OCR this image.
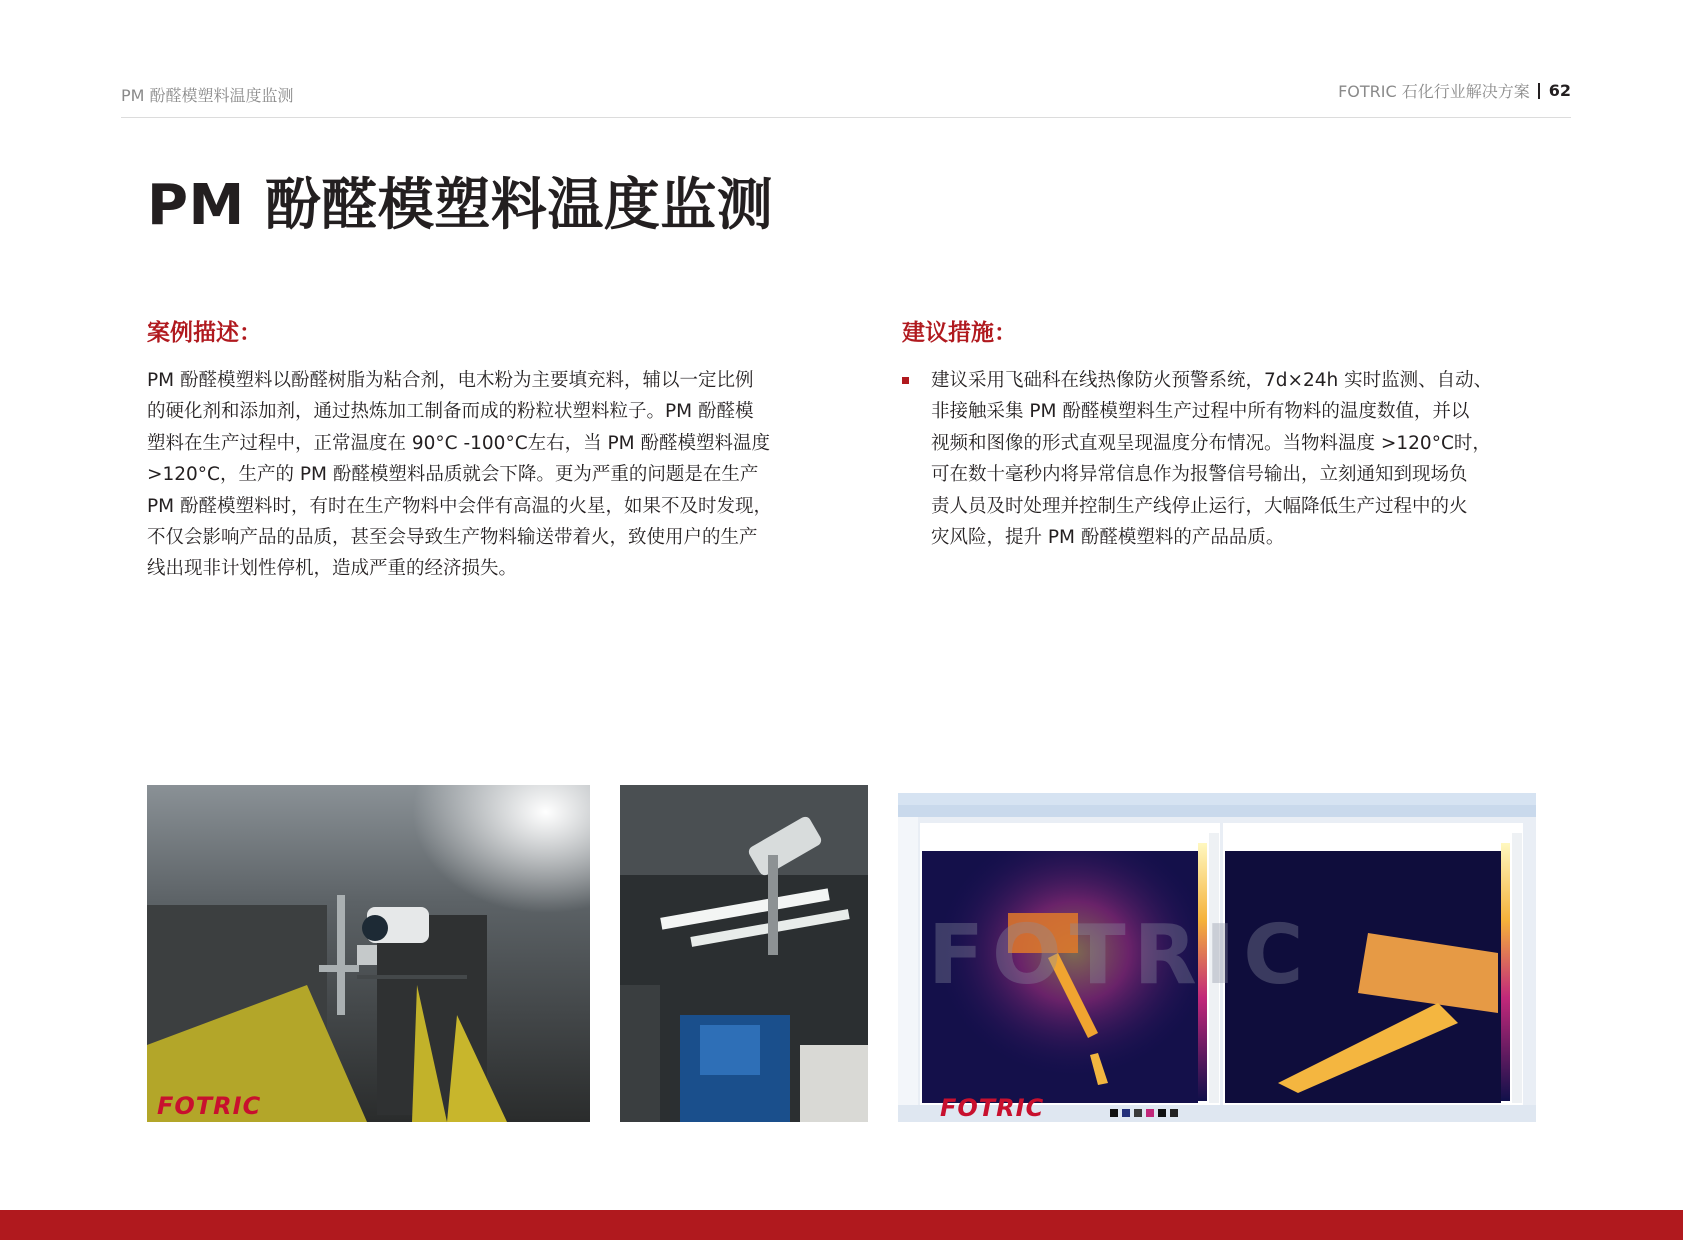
PM 酚醛模塑料温度监测	FOTRIC 石化行业解决方案 62
PM 酚醛模塑料温度监测
案例描述：
PM 酚醛模塑料以酚醛树脂为粘合剂，电木粉为主要填充料，辅以一定比例
的硬化剂和添加剂，通过热炼加工制备而成的粉粒状塑料粒子。PM 酚醛模
塑料在生产过程中，正常温度在 90°C -100°C左右，当 PM 酚醛模塑料温度
>120°C，生产的 PM 酚醛模塑料品质就会下降。更为严重的问题是在生产
PM 酚醛模塑料时，有时在生产物料中会伴有高温的火星，如果不及时发现，
不仅会影响产品的品质，甚至会导致生产物料输送带着火，致使用户的生产
线出现非计划性停机，造成严重的经济损失。
建议措施：
建议采用飞础科在线热像防火预警系统，7d×24h 实时监测、自动、
非接触采集 PM 酚醛模塑料生产过程中所有物料的温度数值，并以
视频和图像的形式直观呈现温度分布情况。当物料温度 >120°C时，
可在数十毫秒内将异常信息作为报警信号输出，立刻通知到现场负
责人员及时处理并控制生产线停止运行，大幅降低生产过程中的火
灾风险，提升 PM 酚醛模塑料的产品品质。
FOTRIC
FOTRIC
FOTRIC
